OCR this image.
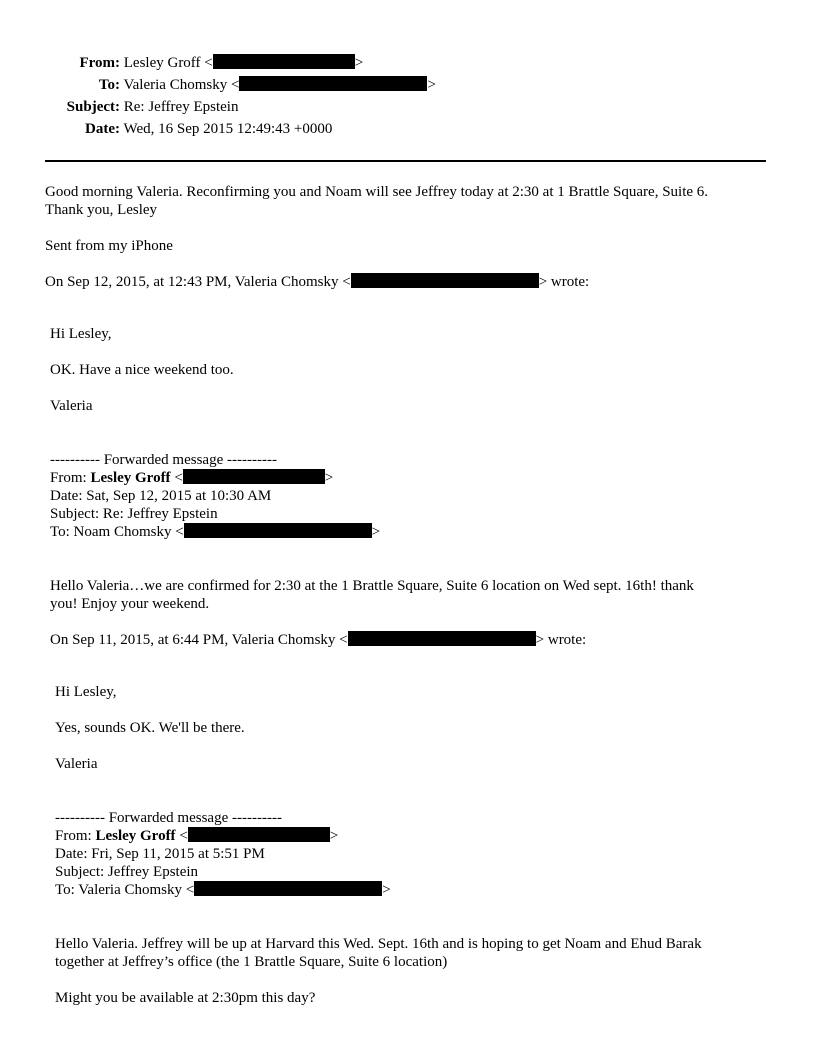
From: Lesley Groff <	>
To: Valeria Chomsky <	>
Subject: Re: Jeffrey Epstein
Date: Wed, 16 Sep 2015 12:49:43 +0000
Good morning Valeria. Reconfirming you and Noam will see Jeffrey today at 2:30 at 1 Brattle Square, Suite 6.
Thank you, Lesley
Sent from my iPhone
On Sep 12, 2015, at 12:43 PM, Valeria Chomsky <	> wrote:
Hi Lesley,
OK. Have a nice weekend too.
Valeria
---------- Forwarded message ----------
From: Lesley Groff <	>
Date: Sat, Sep 12, 2015 at 10:30 AM
Subject: Re: Jeffrey Epstein
To: Noam Chomsky <	>
Hello Valeria…we are confirmed for 2:30 at the 1 Brattle Square, Suite 6 location on Wed sept. 16th! thank
you! Enjoy your weekend.
On Sep 11, 2015, at 6:44 PM, Valeria Chomsky <	> wrote:
Hi Lesley,
Yes, sounds OK. We'll be there.
Valeria
---------- Forwarded message ----------
From: Lesley Groff <	>
Date: Fri, Sep 11, 2015 at 5:51 PM
Subject: Jeffrey Epstein
To: Valeria Chomsky <	>
Hello Valeria. Jeffrey will be up at Harvard this Wed. Sept. 16th and is hoping to get Noam and Ehud Barak
together at Jeffrey’s office (the 1 Brattle Square, Suite 6 location)
Might you be available at 2:30pm this day?
